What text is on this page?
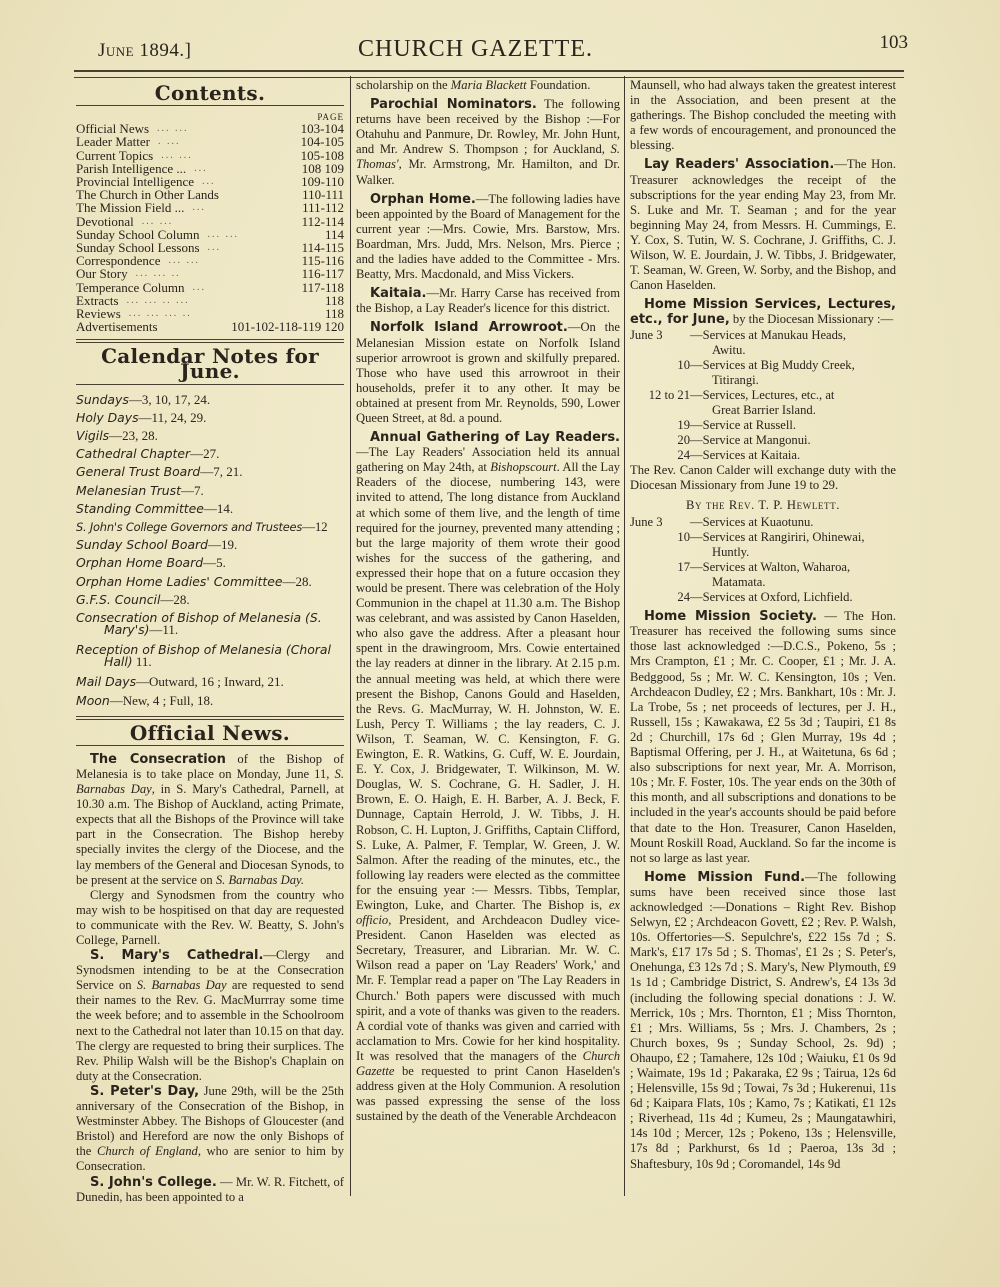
June 1894.]	CHURCH GAZETTE.	103
Contents.
PAGE
Official News ... ...	103-104
Leader Matter . ...	104-105
Current Topics ... ...	105-108
Parish Intelligence ... ...	108 109
Provincial Intelligence ...	109-110
The Church in Other Lands	110-111
The Mission Field ... ...	111-112
Devotional ... ...	112-114
Sunday School Column ... ...	114
Sunday School Lessons ...	114-115
Correspondence ... ...	115-116
Our Story ... ... ..	116-117
Temperance Column ...	117-118
Extracts ... ... .. ...	118
Reviews ... ... ... ..	118
Advertisements	101-102-118-119 120
Calendar Notes for June.
Sundays—3, 10, 17, 24.
Holy Days—11, 24, 29.
Vigils—23, 28.
Cathedral Chapter—27.
General Trust Board—7, 21.
Melanesian Trust—7.
Standing Committee—14.
S. John's College Governors and Trustees—12
Sunday School Board—19.
Orphan Home Board—5.
Orphan Home Ladies' Committee—28.
G.F.S. Council—28.
Consecration of Bishop of Melanesia (S.
Mary's)—11.
Reception of Bishop of Melanesia (Choral
Hall) 11.
Mail Days—Outward, 16 ; Inward, 21.
Moon—New, 4 ; Full, 18.
Official News.

The Consecration of the Bishop of Melanesia is to take place on Monday, June 11, S. Barnabas Day, in S. Mary's Cathedral, Parnell, at 10.30 a.m. The Bishop of Auckland, acting Primate, expects that all the Bishops of the Province will take part in the Consecration. The Bishop hereby specially invites the clergy of the Diocese, and the lay members of the General and Diocesan Synods, to be present at the service on S. Barnabas Day.

Clergy and Synodsmen from the country who may wish to be hospitised on that day are requested to communicate with the Rev. W. Beatty, S. John's College, Parnell.

S. Mary's Cathedral.—Clergy and Synodsmen intending to be at the Consecration Service on S. Barnabas Day are requested to send their names to the Rev. G. MacMurrray some time the week before; and to assemble in the Schoolroom next to the Cathedral not later than 10.15 on that day. The clergy are requested to bring their surplices. The Rev. Philip Walsh will be the Bishop's Chaplain on duty at the Consecration.

S. Peter's Day, June 29th, will be the 25th anniversary of the Consecration of the Bishop, in Westminster Abbey. The Bishops of Gloucester (and Bristol) and Hereford are now the only Bishops of the Church of England, who are senior to him by Consecration.

S. John's College. — Mr. W. R. Fitchett, of Dunedin, has been appointed to a

scholarship on the Maria Blackett Foundation.

Parochial Nominators. The following returns have been received by the Bishop :—For Otahuhu and Panmure, Dr. Rowley, Mr. John Hunt, and Mr. Andrew S. Thompson ; for Auckland, S. Thomas', Mr. Armstrong, Mr. Hamilton, and Dr. Walker.

Orphan Home.—The following ladies have been appointed by the Board of Management for the current year :—Mrs. Cowie, Mrs. Barstow, Mrs. Boardman, Mrs. Judd, Mrs. Nelson, Mrs. Pierce ; and the ladies have added to the Committee - Mrs. Beatty, Mrs. Macdonald, and Miss Vickers.

Kaitaia.—Mr. Harry Carse has received from the Bishop, a Lay Reader's licence for this district.

Norfolk Island Arrowroot.—On the Melanesian Mission estate on Norfolk Island superior arrowroot is grown and skilfully prepared. Those who have used this arrowroot in their households, prefer it to any other. It may be obtained at present from Mr. Reynolds, 590, Lower Queen Street, at 8d. a pound.

Annual Gathering of Lay Readers. —The Lay Readers' Association held its annual gathering on May 24th, at Bishopscourt. All the Lay Readers of the diocese, numbering 143, were invited to attend, The long distance from Auckland at which some of them live, and the length of time required for the journey, prevented many attending ; but the large majority of them wrote their good wishes for the success of the gathering, and expressed their hope that on a future occasion they would be present. There was celebration of the Holy Communion in the chapel at 11.30 a.m. The Bishop was celebrant, and was assisted by Canon Haselden, who also gave the address. After a pleasant hour spent in the drawingroom, Mrs. Cowie entertained the lay readers at dinner in the library. At 2.15 p.m. the annual meeting was held, at which there were present the Bishop, Canons Gould and Haselden, the Revs. G. MacMurray, W. H. Johnston, W. E. Lush, Percy T. Williams ; the lay readers, C. J. Wilson, T. Seaman, W. C. Kensington, F. G. Ewington, E. R. Watkins, G. Cuff, W. E. Jourdain, E. Y. Cox, J. Bridgewater, T. Wilkinson, M. W. Douglas, W. S. Cochrane, G. H. Sadler, J. H. Brown, E. O. Haigh, E. H. Barber, A. J. Beck, F. Dunnage, Captain Herrold, J. W. Tibbs, J. H. Robson, C. H. Lupton, J. Griffiths, Captain Clifford, S. Luke, A. Palmer, F. Templar, W. Green, J. W. Salmon. After the reading of the minutes, etc., the following lay readers were elected as the committee for the ensuing year :— Messrs. Tibbs, Templar, Ewington, Luke, and Charter. The Bishop is, ex officio, President, and Archdeacon Dudley vice-President. Canon Haselden was elected as Secretary, Treasurer, and Librarian. Mr. W. C. Wilson read a paper on 'Lay Readers' Work,' and Mr. F. Templar read a paper on 'The Lay Readers in Church.' Both papers were discussed with much spirit, and a vote of thanks was given to the readers. A cordial vote of thanks was given and carried with acclamation to Mrs. Cowie for her kind hospitality. It was resolved that the managers of the Church Gazette be requested to print Canon Haselden's address given at the Holy Communion. A resolution was passed expressing the sense of the loss sustained by the death of the Venerable Archdeacon

Maunsell, who had always taken the greatest interest in the Association, and been present at the gatherings. The Bishop concluded the meeting with a few words of encouragement, and pronounced the blessing.

Lay Readers' Association.—The Hon. Treasurer acknowledges the receipt of the subscriptions for the year ending May 23, from Mr. S. Luke and Mr. T. Seaman ; and for the year beginning May 24, from Messrs. H. Cummings, E. Y. Cox, S. Tutin, W. S. Cochrane, J. Griffiths, C. J. Wilson, W. E. Jourdain, J. W. Tibbs, J. Bridgewater, T. Seaman, W. Green, W. Sorby, and the Bishop, and Canon Haselden.

Home Mission Services, Lectures, etc., for June, by the Diocesan Missionary :—

June 3	—Services at Manukau Heads,
Awitu.
10 —Services at Big Muddy Creek,
Titirangi.
12 to 21 —Services, Lectures, etc., at
Great Barrier Island.
19 —Service at Russell.
20 —Service at Mangonui.
24 —Services at Kaitaia.

The Rev. Canon Calder will exchange duty with the Diocesan Missionary from June 19 to 29.

By the Rev. T. P. Hewlett.
June 3	—Services at Kuaotunu.
10 —Services at Rangiriri, Ohinewai,
Huntly.
17 —Services at Walton, Waharoa,
Matamata.
24 —Services at Oxford, Lichfield.

Home Mission Society. — The Hon. Treasurer has received the following sums since those last acknowledged :—D.C.S., Pokeno, 5s ; Mrs Crampton, £1 ; Mr. C. Cooper, £1 ; Mr. J. A. Bedggood, 5s ; Mr. W. C. Kensington, 10s ; Ven. Archdeacon Dudley, £2 ; Mrs. Bankhart, 10s : Mr. J. La Trobe, 5s ; net proceeds of lectures, per J. H., Russell, 15s ; Kawakawa, £2 5s 3d ; Taupiri, £1 8s 2d ; Churchill, 17s 6d ; Glen Murray, 19s 4d ; Baptismal Offering, per J. H., at Waitetuna, 6s 6d ; also subscriptions for next year, Mr. A. Morrison, 10s ; Mr. F. Foster, 10s. The year ends on the 30th of this month, and all subscriptions and donations to be included in the year's accounts should be paid before that date to the Hon. Treasurer, Canon Haselden, Mount Roskill Road, Auckland. So far the income is not so large as last year.

Home Mission Fund.—The following sums have been received since those last acknowledged :—Donations – Right Rev. Bishop Selwyn, £2 ; Archdeacon Govett, £2 ; Rev. P. Walsh, 10s. Offertories—S. Sepulchre's, £22 15s 7d ; S. Mark's, £17 17s 5d ; S. Thomas', £1 2s ; S. Peter's, Onehunga, £3 12s 7d ; S. Mary's, New Plymouth, £9 1s 1d ; Cambridge District, S. Andrew's, £4 13s 3d (including the following special donations : J. W. Merrick, 10s ; Mrs. Thornton, £1 ; Miss Thornton, £1 ; Mrs. Williams, 5s ; Mrs. J. Chambers, 2s ; Church boxes, 9s ; Sunday School, 2s. 9d) ; Ohaupo, £2 ; Tamahere, 12s 10d ; Waiuku, £1 0s 9d ; Waimate, 19s 1d ; Pakaraka, £2 9s ; Tairua, 12s 6d ; Helensville, 15s 9d ; Towai, 7s 3d ; Hukerenui, 11s 6d ; Kaipara Flats, 10s ; Kamo, 7s ; Katikati, £1 12s ; Riverhead, 11s 4d ; Kumeu, 2s ; Maungatawhiri, 14s 10d ; Mercer, 12s ; Pokeno, 13s ; Helensville, 17s 8d ; Parkhurst, 6s 1d ; Paeroa, 13s 3d ; Shaftesbury, 10s 9d ; Coromandel, 14s 9d
